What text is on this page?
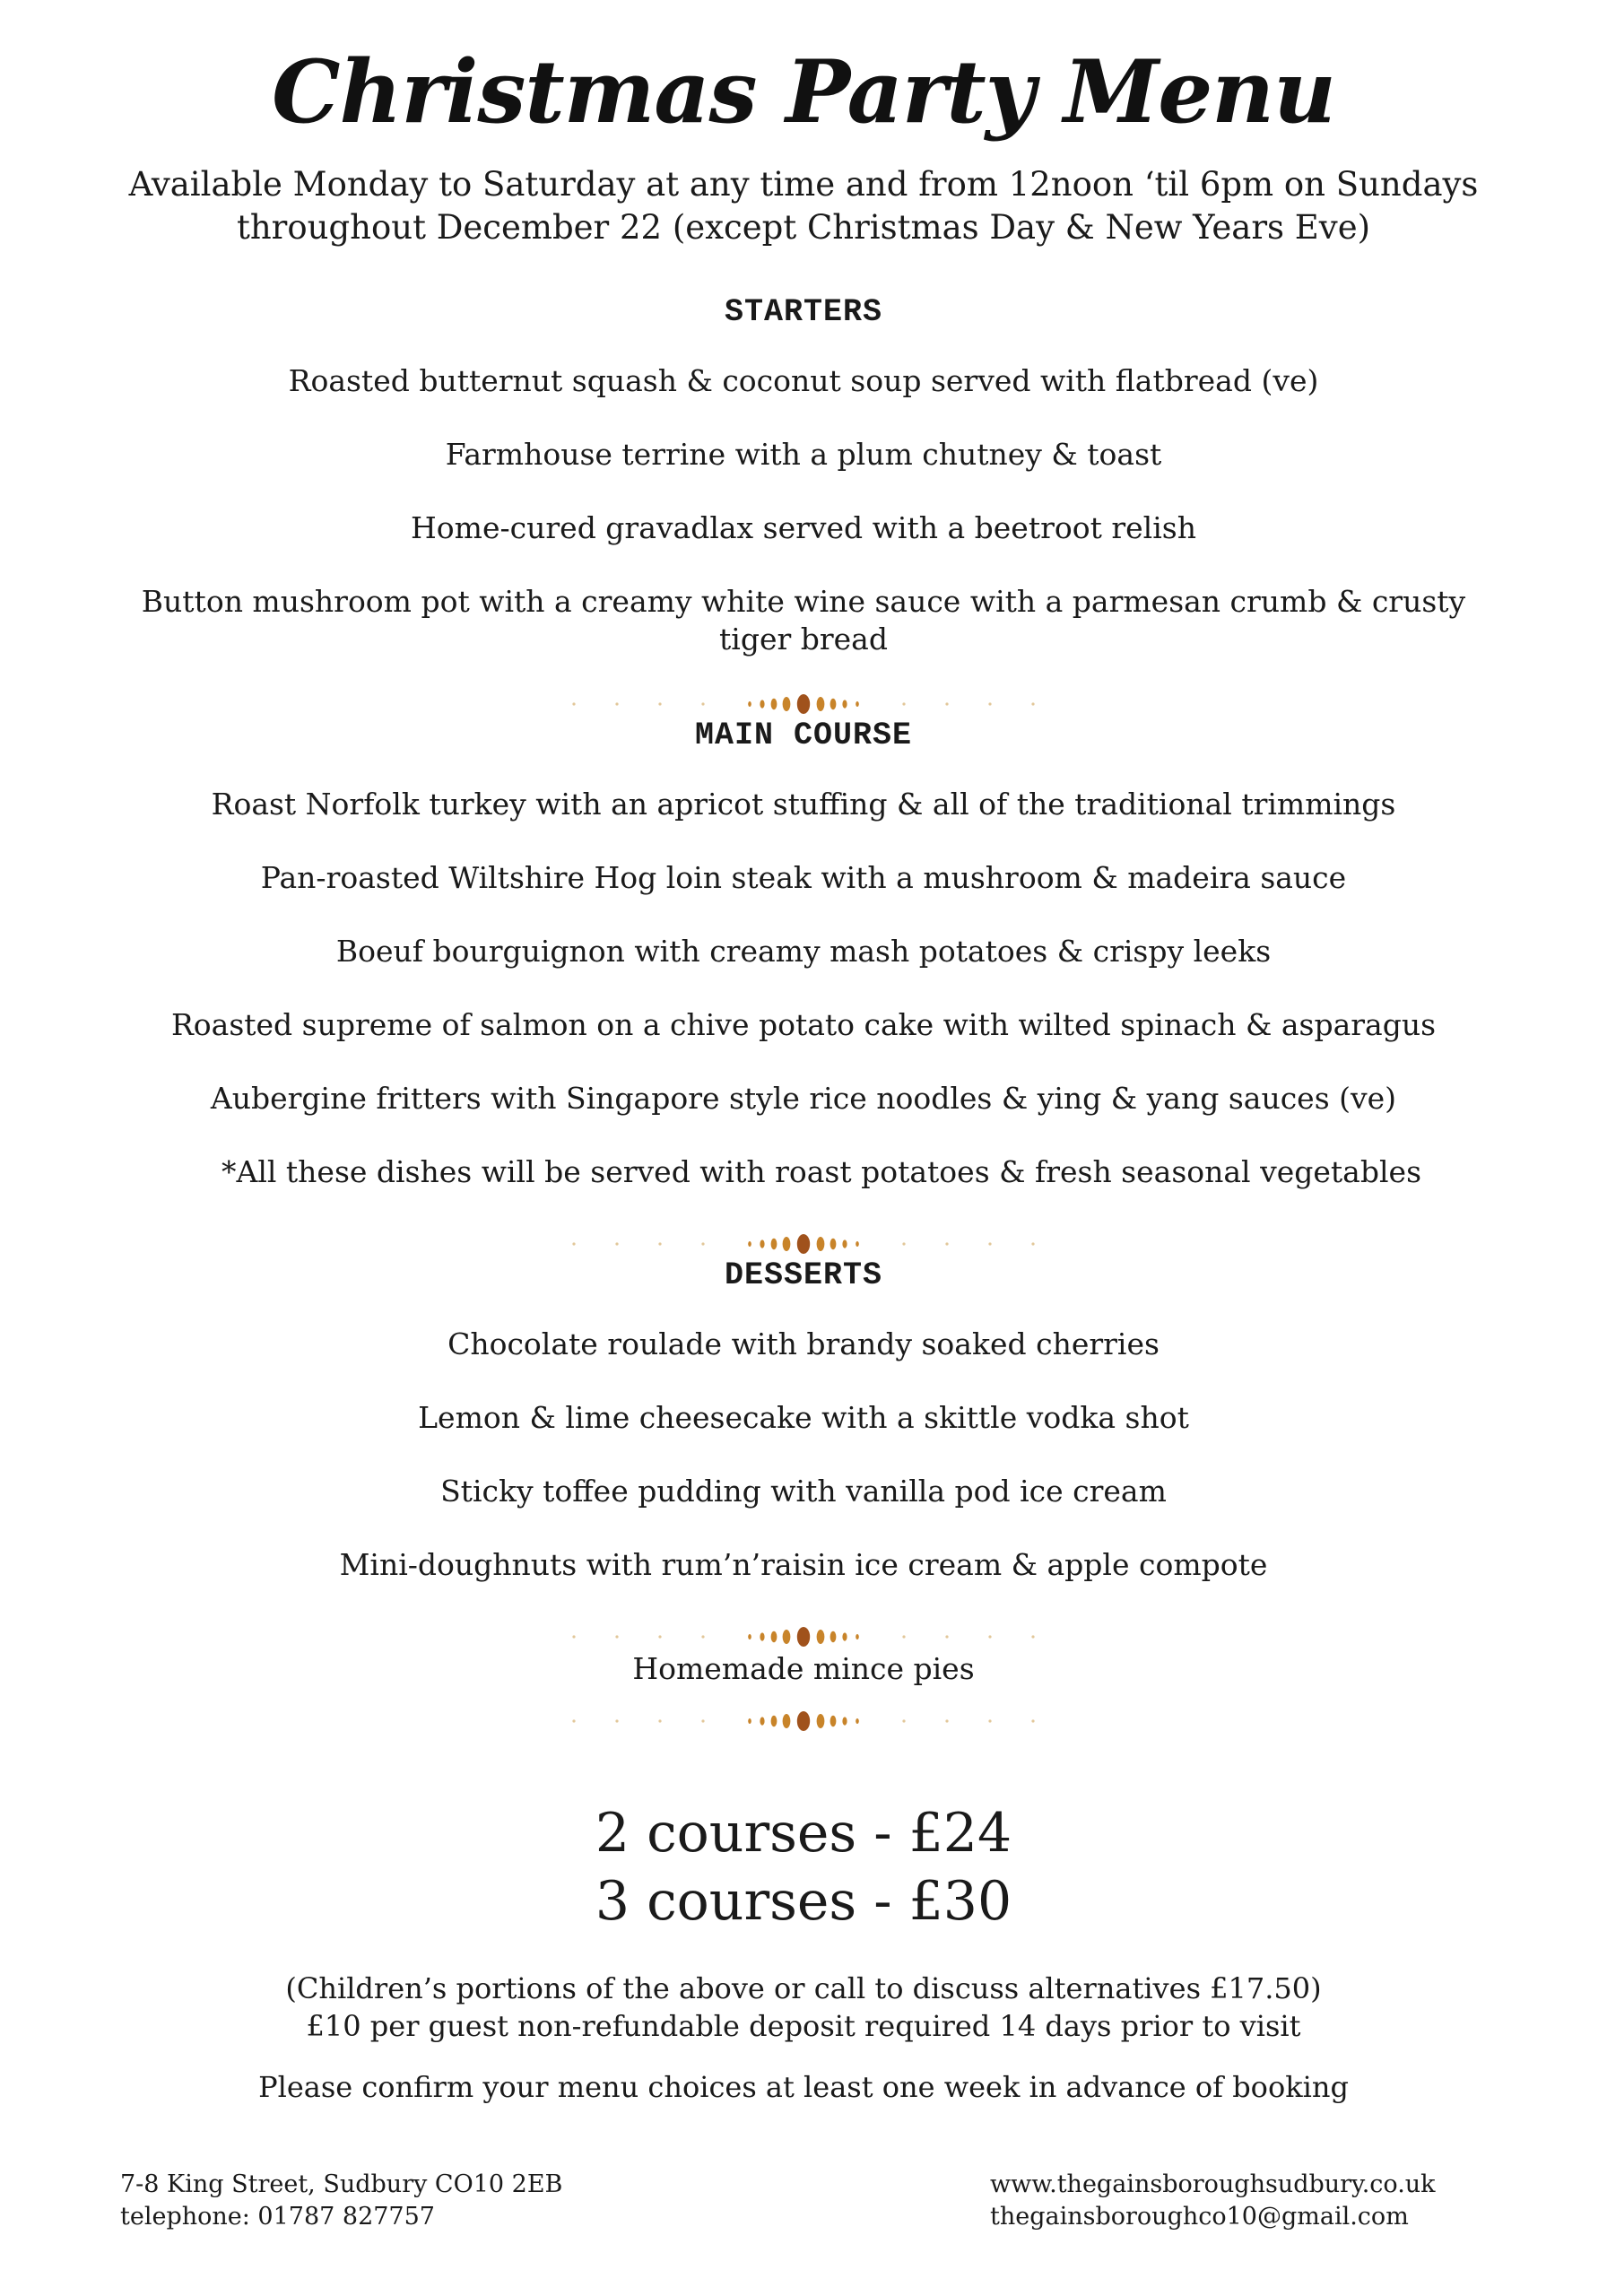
Christmas Party Menu
Available Monday to Saturday at any time and from 12noon ‘til 6pm on Sundays
throughout December 22 (except Christmas Day & New Years Eve)
STARTERS
Roasted butternut squash & coconut soup served with flatbread (ve)
Farmhouse terrine with a plum chutney & toast
Home-cured gravadlax served with a beetroot relish
Button mushroom pot with a creamy white wine sauce with a parmesan crumb & crusty tiger bread
MAIN COURSE
Roast Norfolk turkey with an apricot stuffing & all of the traditional trimmings
Pan-roasted Wiltshire Hog loin steak with a mushroom & madeira sauce
Boeuf bourguignon with creamy mash potatoes & crispy leeks
Roasted supreme of salmon on a chive potato cake with wilted spinach & asparagus
Aubergine fritters with Singapore style rice noodles & ying & yang sauces (ve)
*All these dishes will be served with roast potatoes & fresh seasonal vegetables
DESSERTS
Chocolate roulade with brandy soaked cherries
Lemon & lime cheesecake with a skittle vodka shot
Sticky toffee pudding with vanilla pod ice cream
Mini-doughnuts with rum’n’raisin ice cream & apple compote
Homemade mince pies
2 courses - £24
3 courses - £30
(Children’s portions of the above or call to discuss alternatives £17.50)
£10 per guest non-refundable deposit required 14 days prior to visit
Please confirm your menu choices at least one week in advance of booking
7-8 King Street, Sudbury CO10 2EB
telephone: 01787 827757
www.thegainsboroughsudbury.co.uk
thegainsboroughco10@gmail.com
